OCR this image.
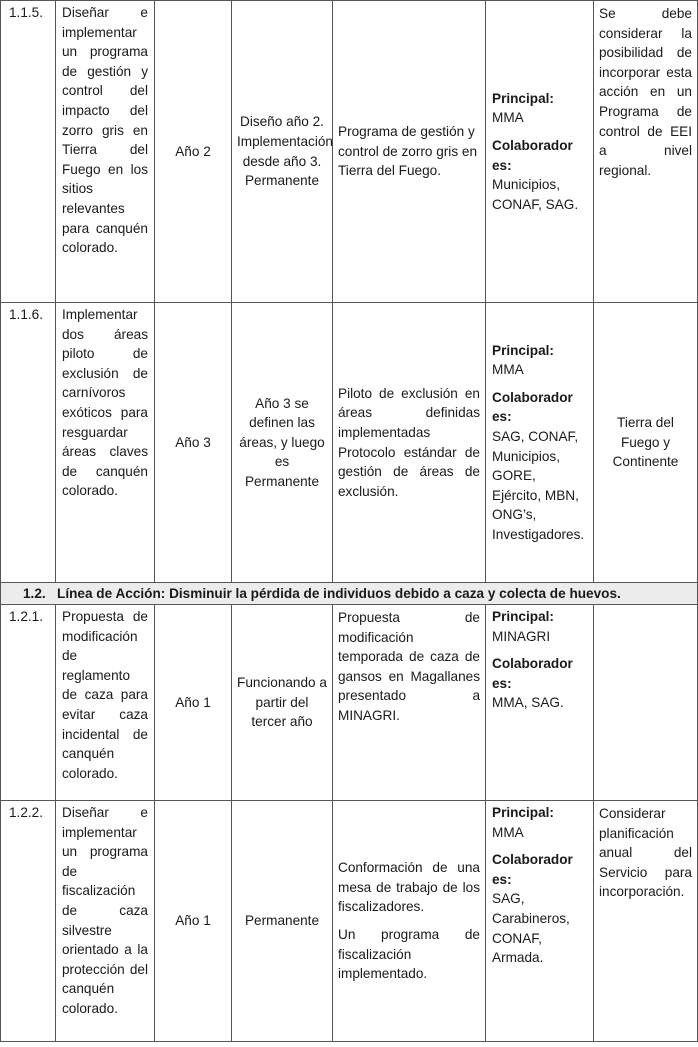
1.1.5.	Diseñar e implementar un programa de gestión y control del impacto del zorro gris en Tierra del Fuego en los sitios relevantes para canquén colorado.	Año 2	Diseño año 2. Implementación desde año 3. Permanente	Programa de gestión y control de zorro gris en Tierra del Fuego.	Principal:
MMA
Colaborador es:
Municipios, CONAF, SAG.	Se debe considerar la posibilidad de incorporar esta acción en un Programa de control de EEI a nivel regional.
1.1.6.	Implementar dos áreas piloto de exclusión de carnívoros exóticos para resguardar áreas claves de canquén colorado.	Año 3	Año 3 se definen las áreas, y luego es Permanente	Piloto de exclusión en áreas definidas implementadas Protocolo estándar de gestión de áreas de exclusión.	Principal:
MMA
Colaborador es:
SAG, CONAF, Municipios, GORE, Ejército, MBN, ONG’s, Investigadores.	Tierra del Fuego y Continente
1.2. Línea de Acción: Disminuir la pérdida de individuos debido a caza y colecta de huevos.						
1.2.1.	Propuesta de modificación de reglamento de caza para evitar caza incidental de canquén colorado.	Año 1	Funcionando a partir del tercer año	Propuesta de modificación temporada de caza de gansos en Magallanes presentado a MINAGRI.	Principal:
MINAGRI
Colaborador es:
MMA, SAG.	

1.2.2.	Diseñar e implementar un programa de fiscalización de caza silvestre orientado a la protección del canquén colorado.	Año 1	Permanente	Conformación de una mesa de trabajo de los fiscalizadores.
Un programa de fiscalización implementado.	Principal:
MMA
Colaborador es:
SAG, Carabineros, CONAF, Armada.	Considerar planificación anual del Servicio para incorporación.
